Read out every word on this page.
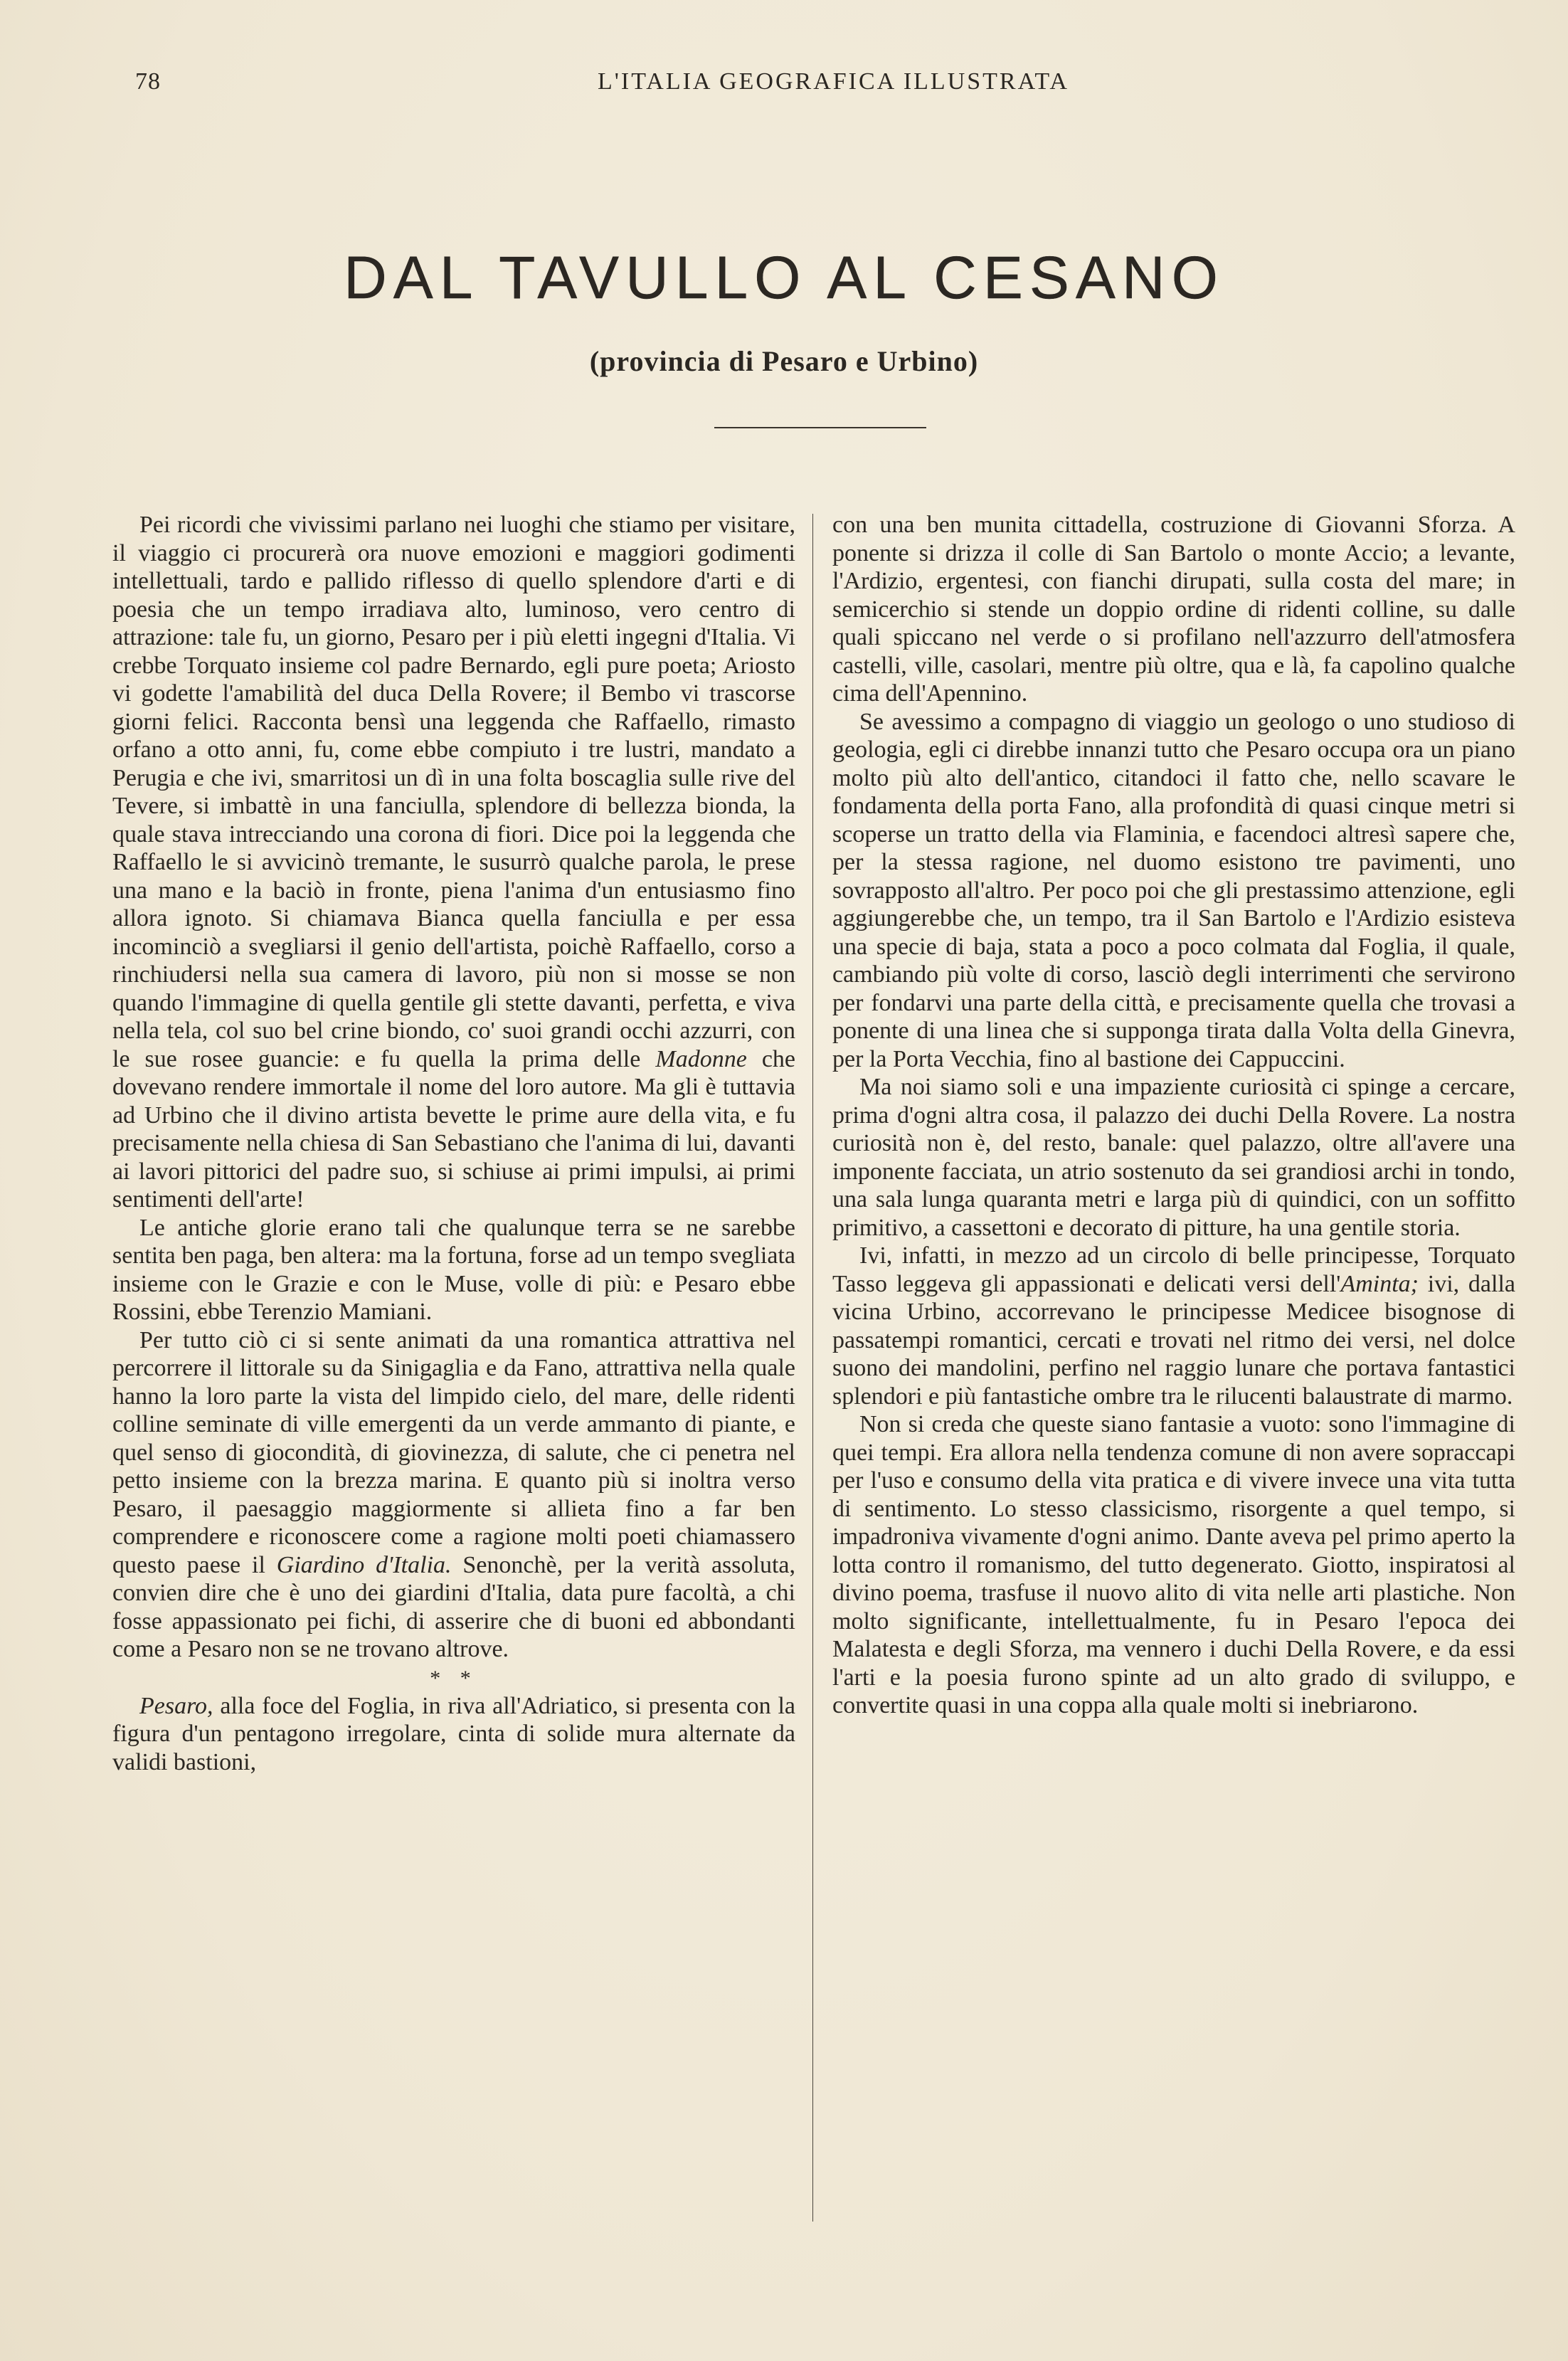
78	L'ITALIA GEOGRAFICA ILLUSTRATA
DAL TAVULLO AL CESANO
(provincia di Pesaro e Urbino)

Pei ricordi che vivissimi parlano nei luoghi che stiamo per visitare, il viaggio ci procurerà ora nuove emozioni e maggiori godimenti intellettuali, tardo e pallido riflesso di quello splendore d'arti e di poesia che un tempo irradiava alto, luminoso, vero centro di attrazione: tale fu, un giorno, Pesaro per i più eletti ingegni d'Italia. Vi crebbe Torquato insieme col padre Bernardo, egli pure poeta; Ariosto vi godette l'amabilità del duca Della Rovere; il Bembo vi trascorse giorni felici. Racconta bensì una leggenda che Raffaello, rimasto orfano a otto anni, fu, come ebbe compiuto i tre lustri, mandato a Perugia e che ivi, smarritosi un dì in una folta boscaglia sulle rive del Tevere, si imbattè in una fanciulla, splendore di bellezza bionda, la quale stava intrecciando una corona di fiori. Dice poi la leggenda che Raffaello le si avvicinò tremante, le susurrò qualche parola, le prese una mano e la baciò in fronte, piena l'anima d'un entusiasmo fino allora ignoto. Si chiamava Bianca quella fanciulla e per essa incominciò a svegliarsi il genio dell'artista, poichè Raffaello, corso a rinchiudersi nella sua camera di lavoro, più non si mosse se non quando l'immagine di quella gentile gli stette davanti, perfetta, e viva nella tela, col suo bel crine biondo, co' suoi grandi occhi azzurri, con le sue rosee guancie: e fu quella la prima delle Madonne che dovevano rendere immortale il nome del loro autore. Ma gli è tuttavia ad Urbino che il divino artista bevette le prime aure della vita, e fu precisamente nella chiesa di San Sebastiano che l'anima di lui, davanti ai lavori pittorici del padre suo, si schiuse ai primi impulsi, ai primi sentimenti dell'arte!

Le antiche glorie erano tali che qualunque terra se ne sarebbe sentita ben paga, ben altera: ma la fortuna, forse ad un tempo svegliata insieme con le Grazie e con le Muse, volle di più: e Pesaro ebbe Rossini, ebbe Terenzio Mamiani.

Per tutto ciò ci si sente animati da una romantica attrattiva nel percorrere il littorale su da Sinigaglia e da Fano, attrattiva nella quale hanno la loro parte la vista del limpido cielo, del mare, delle ridenti colline seminate di ville emergenti da un verde ammanto di piante, e quel senso di giocondità, di giovinezza, di salute, che ci penetra nel petto insieme con la brezza marina. E quanto più si inoltra verso Pesaro, il paesaggio maggiormente si allieta fino a far ben comprendere e riconoscere come a ragione molti poeti chiamassero questo paese il Giardino d'Italia. Senonchè, per la verità assoluta, convien dire che è uno dei giardini d'Italia, data pure facoltà, a chi fosse appassionato pei fichi, di asserire che di buoni ed abbondanti come a Pesaro non se ne trovano altrove.

* *

Pesaro, alla foce del Foglia, in riva all'Adriatico, si presenta con la figura d'un pentagono irregolare, cinta di solide mura alternate da validi bastioni,

con una ben munita cittadella, costruzione di Giovanni Sforza. A ponente si drizza il colle di San Bartolo o monte Accio; a levante, l'Ardizio, ergentesi, con fianchi dirupati, sulla costa del mare; in semicerchio si stende un doppio ordine di ridenti colline, su dalle quali spiccano nel verde o si profilano nell'azzurro dell'atmosfera castelli, ville, casolari, mentre più oltre, qua e là, fa capolino qualche cima dell'Apennino.

Se avessimo a compagno di viaggio un geologo o uno studioso di geologia, egli ci direbbe innanzi tutto che Pesaro occupa ora un piano molto più alto dell'antico, citandoci il fatto che, nello scavare le fondamenta della porta Fano, alla profondità di quasi cinque metri si scoperse un tratto della via Flaminia, e facendoci altresì sapere che, per la stessa ragione, nel duomo esistono tre pavimenti, uno sovrapposto all'altro. Per poco poi che gli prestassimo attenzione, egli aggiungerebbe che, un tempo, tra il San Bartolo e l'Ardizio esisteva una specie di baja, stata a poco a poco colmata dal Foglia, il quale, cambiando più volte di corso, lasciò degli interrimenti che servirono per fondarvi una parte della città, e precisamente quella che trovasi a ponente di una linea che si supponga tirata dalla Volta della Ginevra, per la Porta Vecchia, fino al bastione dei Cappuccini.

Ma noi siamo soli e una impaziente curiosità ci spinge a cercare, prima d'ogni altra cosa, il palazzo dei duchi Della Rovere. La nostra curiosità non è, del resto, banale: quel palazzo, oltre all'avere una imponente facciata, un atrio sostenuto da sei grandiosi archi in tondo, una sala lunga quaranta metri e larga più di quindici, con un soffitto primitivo, a cassettoni e decorato di pitture, ha una gentile storia.

Ivi, infatti, in mezzo ad un circolo di belle principesse, Torquato Tasso leggeva gli appassionati e delicati versi dell'Aminta; ivi, dalla vicina Urbino, accorrevano le principesse Medicee bisognose di passatempi romantici, cercati e trovati nel ritmo dei versi, nel dolce suono dei mandolini, perfino nel raggio lunare che portava fantastici splendori e più fantastiche ombre tra le rilucenti balaustrate di marmo.

Non si creda che queste siano fantasie a vuoto: sono l'immagine di quei tempi. Era allora nella tendenza comune di non avere sopraccapi per l'uso e consumo della vita pratica e di vivere invece una vita tutta di sentimento. Lo stesso classicismo, risorgente a quel tempo, si impadroniva vivamente d'ogni animo. Dante aveva pel primo aperto la lotta contro il romanismo, del tutto degenerato. Giotto, inspiratosi al divino poema, trasfuse il nuovo alito di vita nelle arti plastiche. Non molto significante, intellettualmente, fu in Pesaro l'epoca dei Malatesta e degli Sforza, ma vennero i duchi Della Rovere, e da essi l'arti e la poesia furono spinte ad un alto grado di sviluppo, e convertite quasi in una coppa alla quale molti si inebriarono.
